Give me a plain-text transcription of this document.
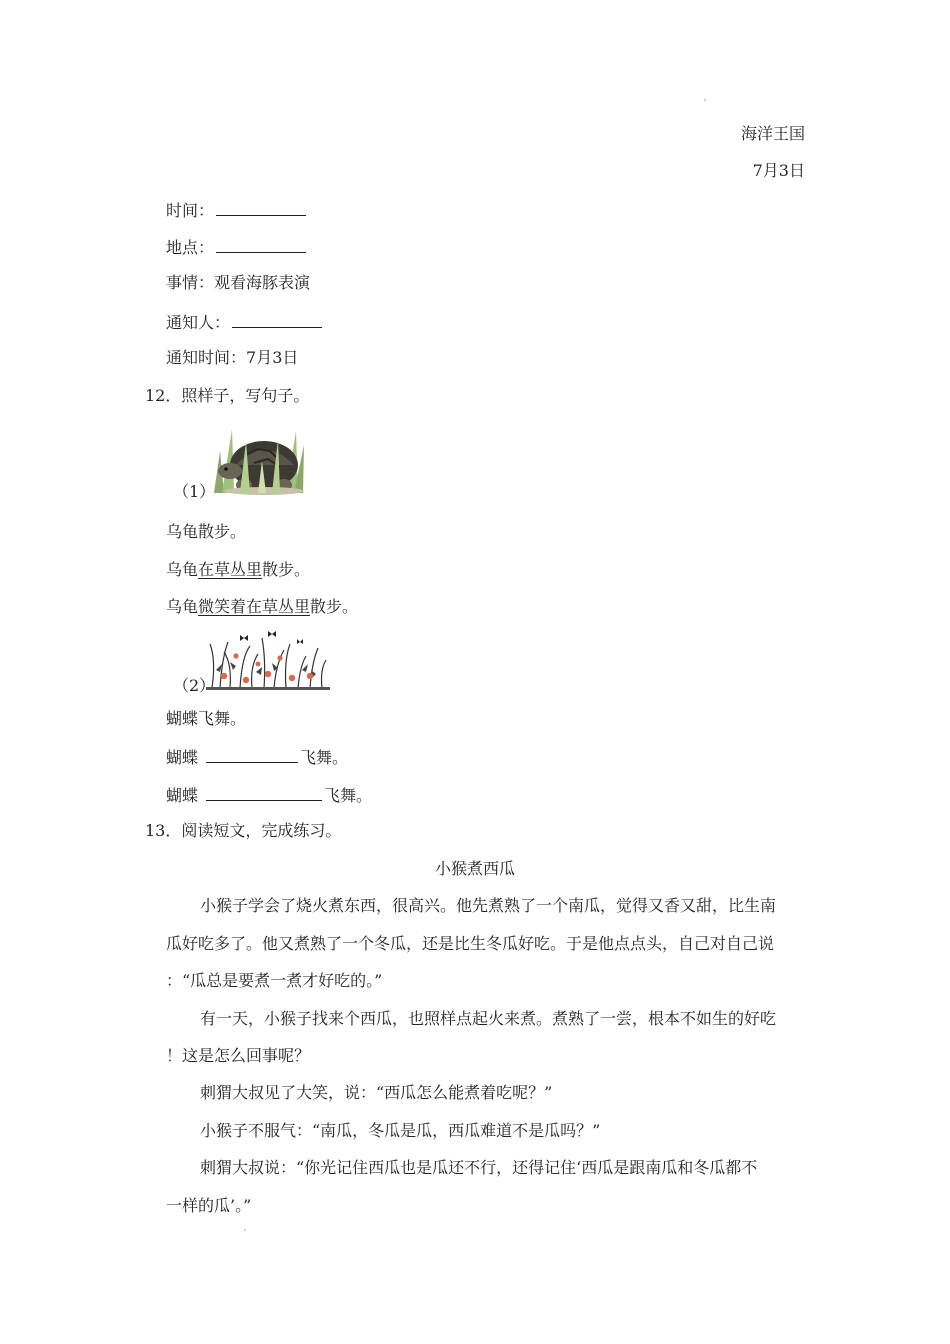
海洋王国
7月3日
时间：
地点：
事情：观看海豚表演
通知人：
通知时间：7月3日
12．照样子，写句子。
（1）
乌龟散步。
乌龟在草丛里散步。
乌龟微笑着在草丛里散步。
（2）
蝴蝶飞舞。
蝴蝶	飞舞。
蝴蝶	飞舞。
13．阅读短文，完成练习。
小猴煮西瓜
小猴子学会了烧火煮东西，很高兴。他先煮熟了一个南瓜，觉得又香又甜，比生南
瓜好吃多了。他又煮熟了一个冬瓜，还是比生冬瓜好吃。于是他点点头，自己对自己说
：“瓜总是要煮一煮才好吃的。”
有一天，小猴子找来个西瓜，也照样点起火来煮。煮熟了一尝，根本不如生的好吃
！这是怎么回事呢？
刺猬大叔见了大笑，说：“西瓜怎么能煮着吃呢？”
小猴子不服气：“南瓜，冬瓜是瓜，西瓜难道不是瓜吗？”
刺猬大叔说：“你光记住西瓜也是瓜还不行，还得记住‘西瓜是跟南瓜和冬瓜都不
一样的瓜’。”
